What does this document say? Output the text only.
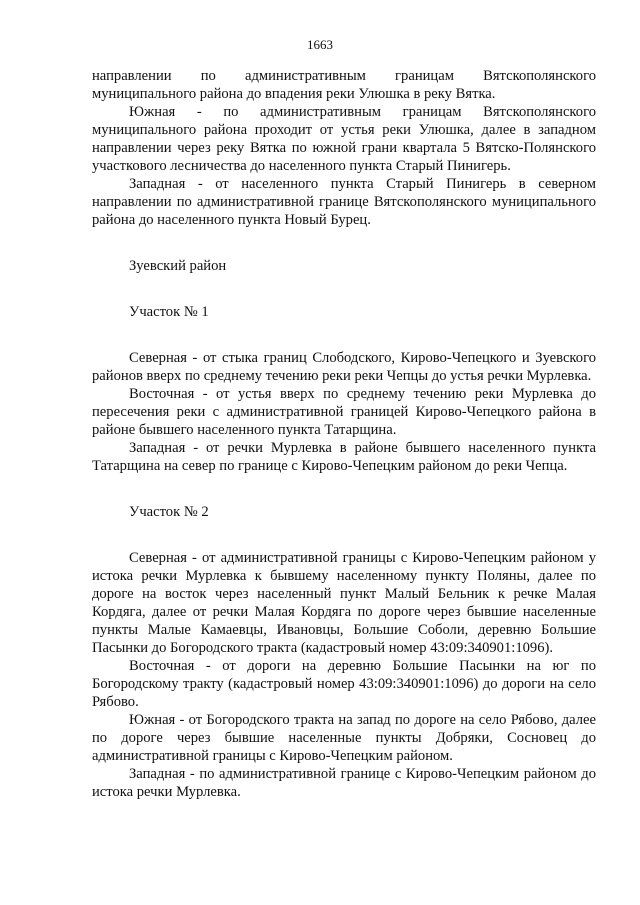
1663

направлении по административным границам Вятскополянского муниципального района до впадения реки Улюшка в реку Вятка.

Южная - по административным границам Вятскополянского муниципального района проходит от устья реки Улюшка, далее в западном направлении через реку Вятка по южной грани квартала 5 Вятско-Полянского участкового лесничества до населенного пункта Старый Пинигерь.

Западная - от населенного пункта Старый Пинигерь в северном направлении по административной границе Вятскополянского муниципального района до населенного пункта Новый Бурец.

Зуевский район

Участок № 1

Северная - от стыка границ Слободского, Кирово-Чепецкого и Зуевского районов вверх по среднему течению реки реки Чепцы до устья речки Мурлевка.

Восточная - от устья вверх по среднему течению реки Мурлевка до пересечения реки с административной границей Кирово-Чепецкого района в районе бывшего населенного пункта Татарщина.

Западная - от речки Мурлевка в районе бывшего населенного пункта Татарщина на север по границе с Кирово-Чепецким районом до реки Чепца.

Участок № 2

Северная - от административной границы с Кирово-Чепецким районом у истока речки Мурлевка к бывшему населенному пункту Поляны, далее по дороге на восток через населенный пункт Малый Бельник к речке Малая Кордяга, далее от речки Малая Кордяга по дороге через бывшие населенные пункты Малые Камаевцы, Ивановцы, Большие Соболи, деревню Большие Пасынки до Богородского тракта (кадастровый номер 43:09:340901:1096).

Восточная - от дороги на деревню Большие Пасынки на юг по Богородскому тракту (кадастровый номер 43:09:340901:1096) до дороги на село Рябово.

Южная - от Богородского тракта на запад по дороге на село Рябово, далее по дороге через бывшие населенные пункты Добряки, Сосновец до административной границы с Кирово-Чепецким районом.

Западная - по административной границе с Кирово-Чепецким районом до истока речки Мурлевка.
